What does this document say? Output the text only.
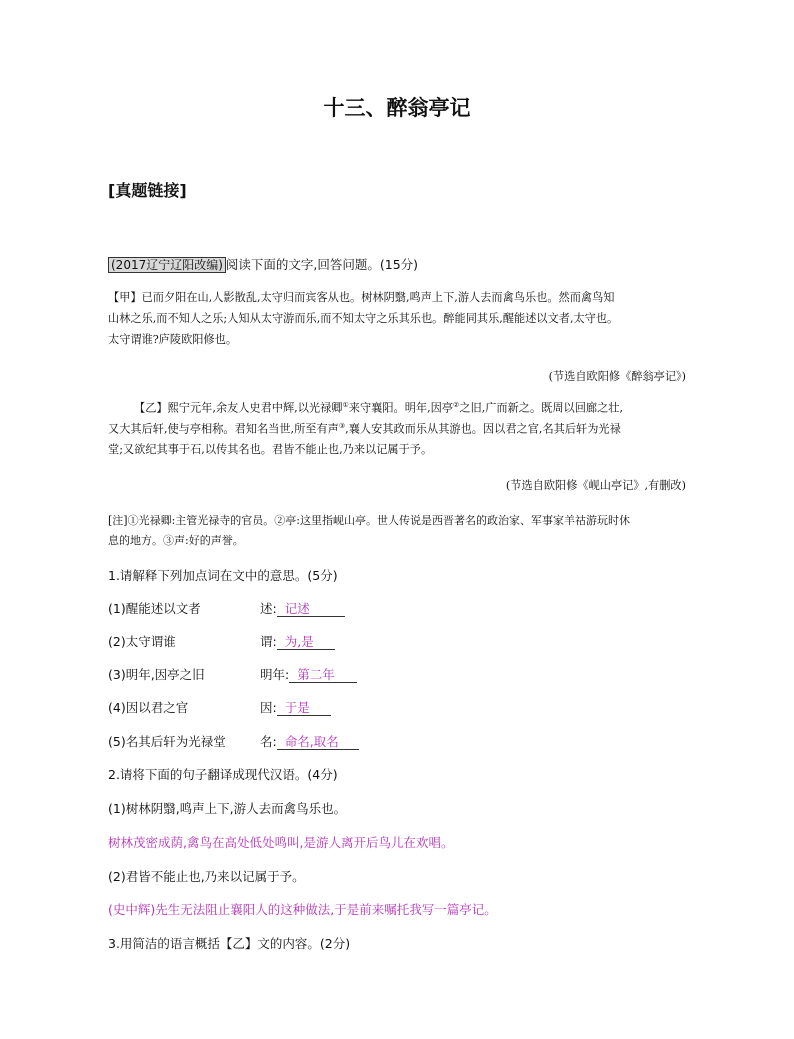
十三、醉翁亭记
[真题链接]
(2017辽宁辽阳改编) 阅读下面的文字,回答问题。(15分)
【甲】已而夕阳在山,人影散乱,太守归而宾客从也。树林阴翳,鸣声上下,游人去而禽鸟乐也。然而禽鸟知
山林之乐,而不知人之乐;人知从太守游而乐,而不知太守之乐其乐也。醉能同其乐,醒能述以文者,太守也。
太守谓谁?庐陵欧阳修也。
(节选自欧阳修《醉翁亭记》)
【乙】熙宁元年,余友人史君中辉,以光禄卿①来守襄阳。明年,因亭②之旧,广而新之。既周以回廊之壮,
又大其后轩,使与亭相称。君知名当世,所至有声③,襄人安其政而乐从其游也。因以君之官,名其后轩为光禄
堂;又欲纪其事于石,以传其名也。君皆不能止也,乃来以记属于予。
(节选自欧阳修《岘山亭记》,有删改)
[注]①光禄卿:主管光禄寺的官员。②亭:这里指岘山亭。世人传说是西晋著名的政治家、军事家羊祜游玩时休
息的地方。③声:好的声誉。
1.请解释下列加点词在文中的意思。(5分)
(1)醒能述以文者	述: 记述
(2)太守谓谁	谓: 为,是
(3)明年,因亭之旧	明年: 第二年
(4)因以君之官	因: 于是
(5)名其后轩为光禄堂	名: 命名,取名
2.请将下面的句子翻译成现代汉语。(4分)
(1)树林阴翳,鸣声上下,游人去而禽鸟乐也。
树林茂密成荫,禽鸟在高处低处鸣叫,是游人离开后鸟儿在欢唱。
(2)君皆不能止也,乃来以记属于予。
(史中辉)先生无法阻止襄阳人的这种做法,于是前来嘱托我写一篇亭记。
3.用简洁的语言概括【乙】文的内容。(2分)
